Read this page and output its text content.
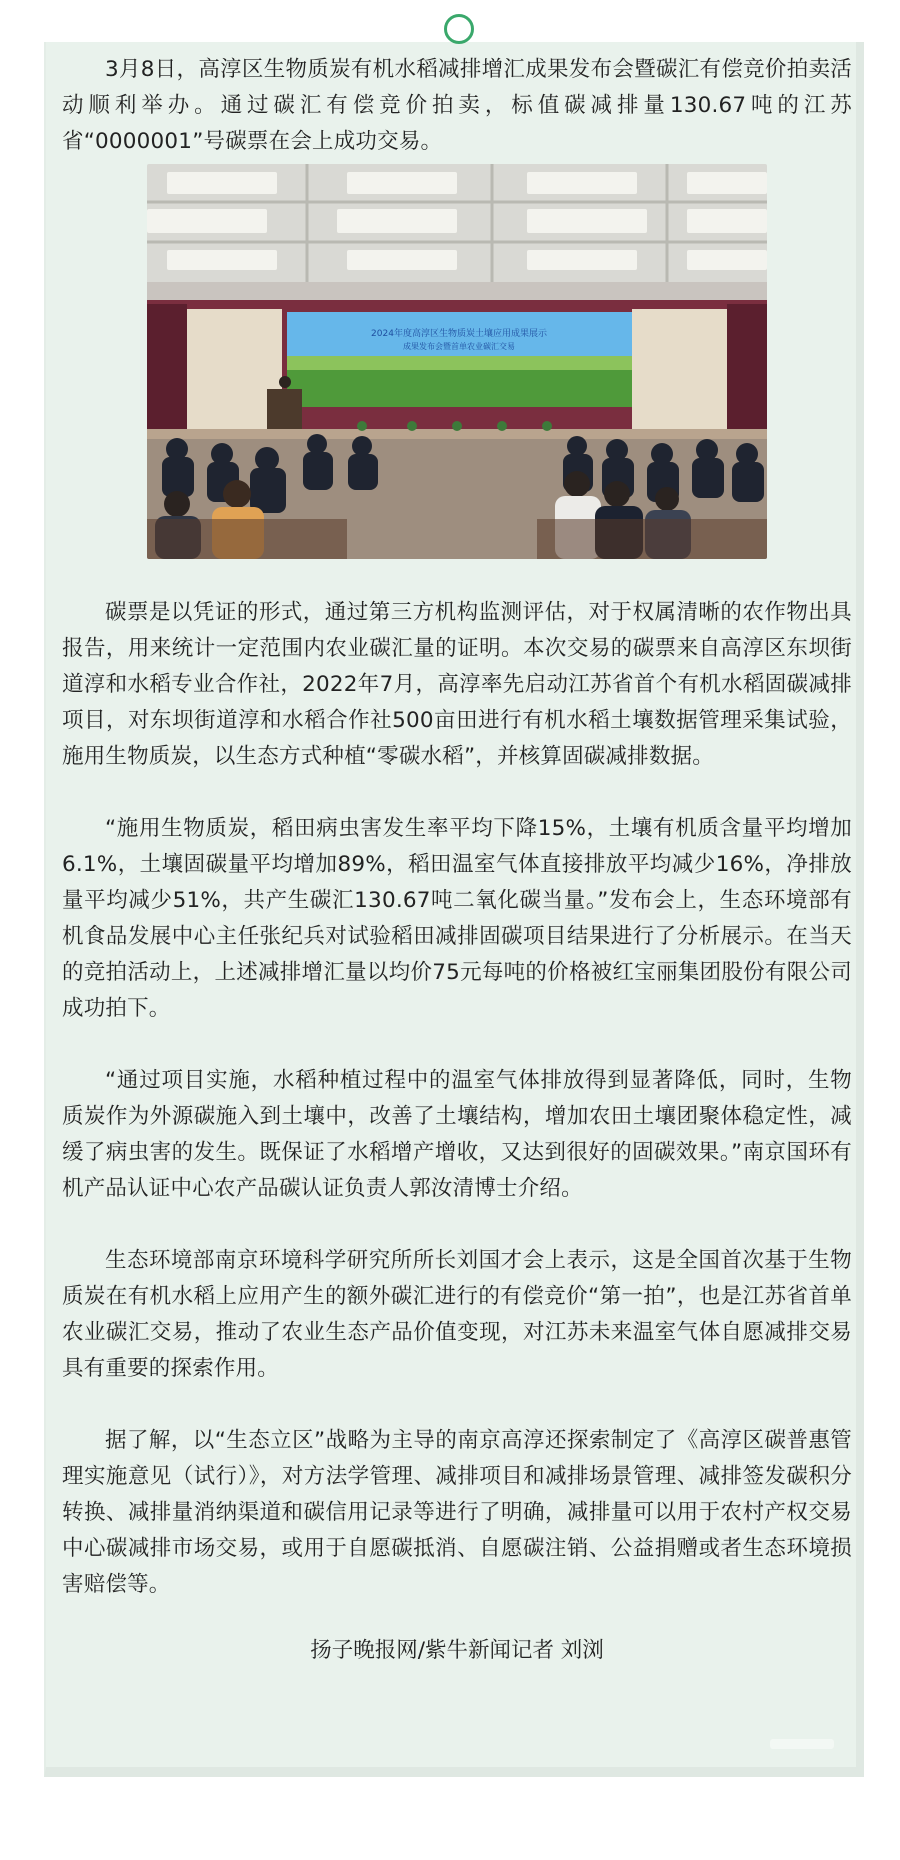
3月8日，高淳区生物质炭有机水稻减排增汇成果发布会暨碳汇有偿竞价拍卖活动顺利举办。通过碳汇有偿竞价拍卖，标值碳减排量130.67吨的江苏省“0000001”号碳票在会上成功交易。

2024年度高淳区生物质炭土壤应用成果展示
成果发布会暨首单农业碳汇交易

碳票是以凭证的形式，通过第三方机构监测评估，对于权属清晰的农作物出具报告，用来统计一定范围内农业碳汇量的证明。本次交易的碳票来自高淳区东坝街道淳和水稻专业合作社，2022年7月，高淳率先启动江苏省首个有机水稻固碳减排项目，对东坝街道淳和水稻合作社500亩田进行有机水稻土壤数据管理采集试验，施用生物质炭，以生态方式种植“零碳水稻”，并核算固碳减排数据。

“施用生物质炭，稻田病虫害发生率平均下降15%，土壤有机质含量平均增加6.1%，土壤固碳量平均增加89%，稻田温室气体直接排放平均减少16%，净排放量平均减少51%，共产生碳汇130.67吨二氧化碳当量。”发布会上，生态环境部有机食品发展中心主任张纪兵对试验稻田减排固碳项目结果进行了分析展示。在当天的竞拍活动上，上述减排增汇量以均价75元每吨的价格被红宝丽集团股份有限公司成功拍下。

“通过项目实施，水稻种植过程中的温室气体排放得到显著降低，同时，生物质炭作为外源碳施入到土壤中，改善了土壤结构，增加农田土壤团聚体稳定性，减缓了病虫害的发生。既保证了水稻增产增收，又达到很好的固碳效果。”南京国环有机产品认证中心农产品碳认证负责人郭汝清博士介绍。

生态环境部南京环境科学研究所所长刘国才会上表示，这是全国首次基于生物质炭在有机水稻上应用产生的额外碳汇进行的有偿竞价“第一拍”，也是江苏省首单农业碳汇交易，推动了农业生态产品价值变现，对江苏未来温室气体自愿减排交易具有重要的探索作用。

据了解，以“生态立区”战略为主导的南京高淳还探索制定了《高淳区碳普惠管理实施意见（试行）》，对方法学管理、减排项目和减排场景管理、减排签发碳积分转换、减排量消纳渠道和碳信用记录等进行了明确，减排量可以用于农村产权交易中心碳减排市场交易，或用于自愿碳抵消、自愿碳注销、公益捐赠或者生态环境损害赔偿等。

扬子晚报网/紫牛新闻记者 刘浏
